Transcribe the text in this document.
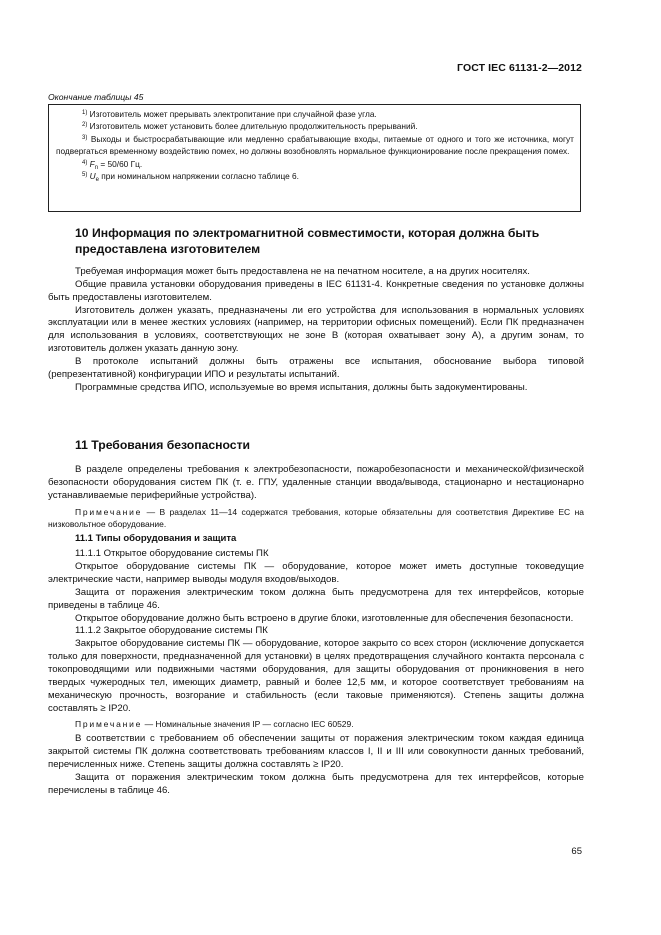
ГОСТ IEC 61131-2—2012
Окончание таблицы 45

$^{1)}$ Изготовитель может прерывать электропитание при случайной фазе угла.

$^{2)}$ Изготовитель может установить более длительную продолжительность прерываний.

$^{3)}$ Выходы и быстросрабатывающие или медленно срабатывающие входы, питаемые от одного и того же источника, могут подвергаться временному воздействию помех, но должны возобновлять нормальное функционирование после прекращения помех.

$^{4)}$ $F_n = 50/60$ Гц.

$^{5)}$ $U_e$ при номинальном напряжении согласно таблице 6.

10 Информация по электромагнитной совместимости, которая должна быть предоставлена изготовителем

Требуемая информация может быть предоставлена не на печатном носителе, а на других носителях.

Общие правила установки оборудования приведены в IEC 61131-4. Конкретные сведения по установке должны быть предоставлены изготовителем.

Изготовитель должен указать, предназначены ли его устройства для использования в нормальных условиях эксплуатации или в менее жестких условиях (например, на территории офисных помещений). Если ПК предназначен для использования в условиях, соответствующих не зоне В (которая охватывает зону А), а другим зонам, то изготовитель должен указать данную зону.

В протоколе испытаний должны быть отражены все испытания, обоснование выбора типовой (репрезентативной) конфигурации ИПО и результаты испытаний.

Программные средства ИПО, используемые во время испытания, должны быть задокументированы.

11 Требования безопасности

В разделе определены требования к электробезопасности, пожаробезопасности и механической/физической безопасности оборудования систем ПК (т. е. ГПУ, удаленные станции ввода/вывода, стационарно и нестационарно устанавливаемые периферийные устройства).

Примечание — В разделах 11—14 содержатся требования, которые обязательны для соответствия Директиве ЕС на низковольтное оборудование.

11.1 Типы оборудования и защита

11.1.1 Открытое оборудование системы ПК

Открытое оборудование системы ПК — оборудование, которое может иметь доступные токоведущие электрические части, например выводы модуля входов/выходов.

Защита от поражения электрическим током должна быть предусмотрена для тех интерфейсов, которые приведены в таблице 46.

Открытое оборудование должно быть встроено в другие блоки, изготовленные для обеспечения безопасности.

11.1.2 Закрытое оборудование системы ПК

Закрытое оборудование системы ПК — оборудование, которое закрыто со всех сторон (исключение допускается только для поверхности, предназначенной для установки) в целях предотвращения случайного контакта персонала с токопроводящими или подвижными частями оборудования, для защиты оборудования от проникновения в него твердых чужеродных тел, имеющих диаметр, равный и более 12,5 мм, и которое соответствует требованиям на механическую прочность, возгорание и стабильность (если таковые применяются). Степень защиты должна составлять ≥ IP20.

Примечание — Номинальные значения IP — согласно IEC 60529.

В соответствии с требованием об обеспечении защиты от поражения электрическим током каждая единица закрытой системы ПК должна соответствовать требованиям классов I, II и III или совокупности данных требований, перечисленных ниже. Степень защиты должна составлять ≥ IP20.

Защита от поражения электрическим током должна быть предусмотрена для тех интерфейсов, которые перечислены в таблице 46.

65
